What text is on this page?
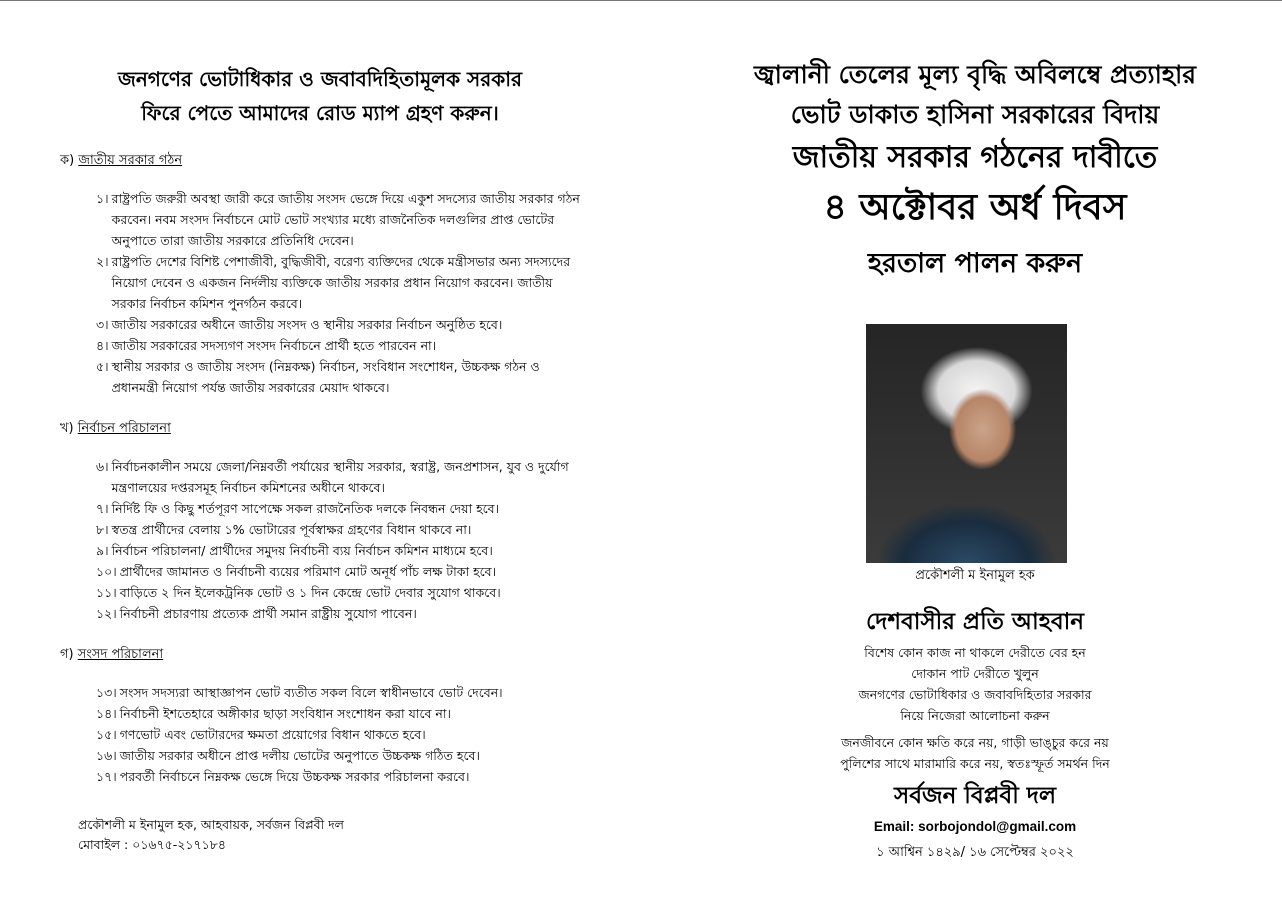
জনগণের ভোটাধিকার ও জবাবদিহিতামূলক সরকার
ফিরে পেতে আমাদের রোড ম্যাপ গ্রহণ করুন।
ক) জাতীয় সরকার গঠন
১। রাষ্ট্রপতি জরুরী অবস্থা জারী করে জাতীয় সংসদ ভেঙ্গে দিয়ে একুশ সদস্যের জাতীয় সরকার গঠন করবেন। নবম সংসদ নির্বাচনে মোট ভোট সংখ্যার মধ্যে রাজনৈতিক দলগুলির প্রাপ্ত ভোটের অনুপাতে তারা জাতীয় সরকারে প্রতিনিধি দেবেন।
২। রাষ্ট্রপতি দেশের বিশিষ্ট পেশাজীবী, বুদ্ধিজীবী, বরেণ্য ব্যক্তিদের থেকে মন্ত্রীসভার অন্য সদস্যদের নিয়োগ দেবেন ও একজন নির্দলীয় ব্যক্তিকে জাতীয় সরকার প্রধান নিয়োগ করবেন। জাতীয় সরকার নির্বাচন কমিশন পুনর্গঠন করবে।
৩। জাতীয় সরকারের অধীনে জাতীয় সংসদ ও স্থানীয় সরকার নির্বাচন অনুষ্ঠিত হবে।
৪। জাতীয় সরকারের সদস্যগণ সংসদ নির্বাচনে প্রার্থী হতে পারবেন না।
৫। স্থানীয় সরকার ও জাতীয় সংসদ (নিম্নকক্ষ) নির্বাচন, সংবিধান সংশোধন, উচ্চকক্ষ গঠন ও প্রধানমন্ত্রী নিয়োগ পর্যন্ত জাতীয় সরকারের মেয়াদ থাকবে।
খ) নির্বাচন পরিচালনা
৬। নির্বাচনকালীন সময়ে জেলা/নিম্নবর্তী পর্যায়ের স্থানীয় সরকার, স্বরাষ্ট্র, জনপ্রশাসন, যুব ও দুর্যোগ মন্ত্রণালয়ের দপ্তরসমূহ নির্বাচন কমিশনের অধীনে থাকবে।
৭। নির্দিষ্ট ফি ও কিছু শর্তপূরণ সাপেক্ষে সকল রাজনৈতিক দলকে নিবন্ধন দেয়া হবে।
৮। স্বতন্ত্র প্রার্থীদের বেলায় ১% ভোটারের পূর্বস্বাক্ষর গ্রহণের বিধান থাকবে না।
৯। নির্বাচন পরিচালনা/ প্রার্থীদের সমুদয় নির্বাচনী ব্যয় নির্বাচন কমিশন মাধ্যমে হবে।
১০। প্রার্থীদের জামানত ও নির্বাচনী ব্যয়ের পরিমাণ মোট অনূর্ধ পাঁচ লক্ষ টাকা হবে।
১১। বাড়িতে ২ দিন ইলেকট্রনিক ভোট ও ১ দিন কেন্দ্রে ভোট দেবার সুযোগ থাকবে।
১২। নির্বাচনী প্রচারণায় প্রত্যেক প্রার্থী সমান রাষ্ট্রীয় সুযোগ পাবেন।
গ) সংসদ পরিচালনা
১৩। সংসদ সদস্যরা আস্থাজ্ঞাপন ভোট ব্যতীত সকল বিলে স্বাধীনভাবে ভোট দেবেন।
১৪। নির্বাচনী ইশতেহারে অঙ্গীকার ছাড়া সংবিধান সংশোধন করা যাবে না।
১৫। গণভোট এবং ভোটারদের ক্ষমতা প্রয়োগের বিধান থাকতে হবে।
১৬। জাতীয় সরকার অধীনে প্রাপ্ত দলীয় ভোটের অনুপাতে উচ্চকক্ষ গঠিত হবে।
১৭। পরবর্তী নির্বাচনে নিম্নকক্ষ ভেঙ্গে দিয়ে উচ্চকক্ষ সরকার পরিচালনা করবে।
প্রকৌশলী ম ইনামুল হক, আহবায়ক, সর্বজন বিপ্লবী দল
মোবাইল : ০১৬৭৫-২১৭১৮৪
জ্বালানী তেলের মূল্য বৃদ্ধি অবিলম্বে প্রত্যাহার
ভোট ডাকাত হাসিনা সরকারের বিদায়
জাতীয় সরকার গঠনের দাবীতে
৪ অক্টোবর অর্ধ দিবস
হরতাল পালন করুন
প্রকৌশলী ম ইনামুল হক
দেশবাসীর প্রতি আহবান
বিশেষ কোন কাজ না থাকলে দেরীতে বের হন
দোকান পাট দেরীতে খুলুন
জনগণের ভোটাধিকার ও জবাবদিহিতার সরকার
নিয়ে নিজেরা আলোচনা করুন
জনজীবনে কোন ক্ষতি করে নয়, গাড়ী ভাঙ্চুর করে নয়
পুলিশের সাথে মারামারি করে নয়, স্বতঃস্ফূর্ত সমর্থন দিন
সর্বজন বিপ্লবী দল
Email: sorbojondol@gmail.com
১ আশ্বিন ১৪২৯/ ১৬ সেপ্টেম্বর ২০২২
